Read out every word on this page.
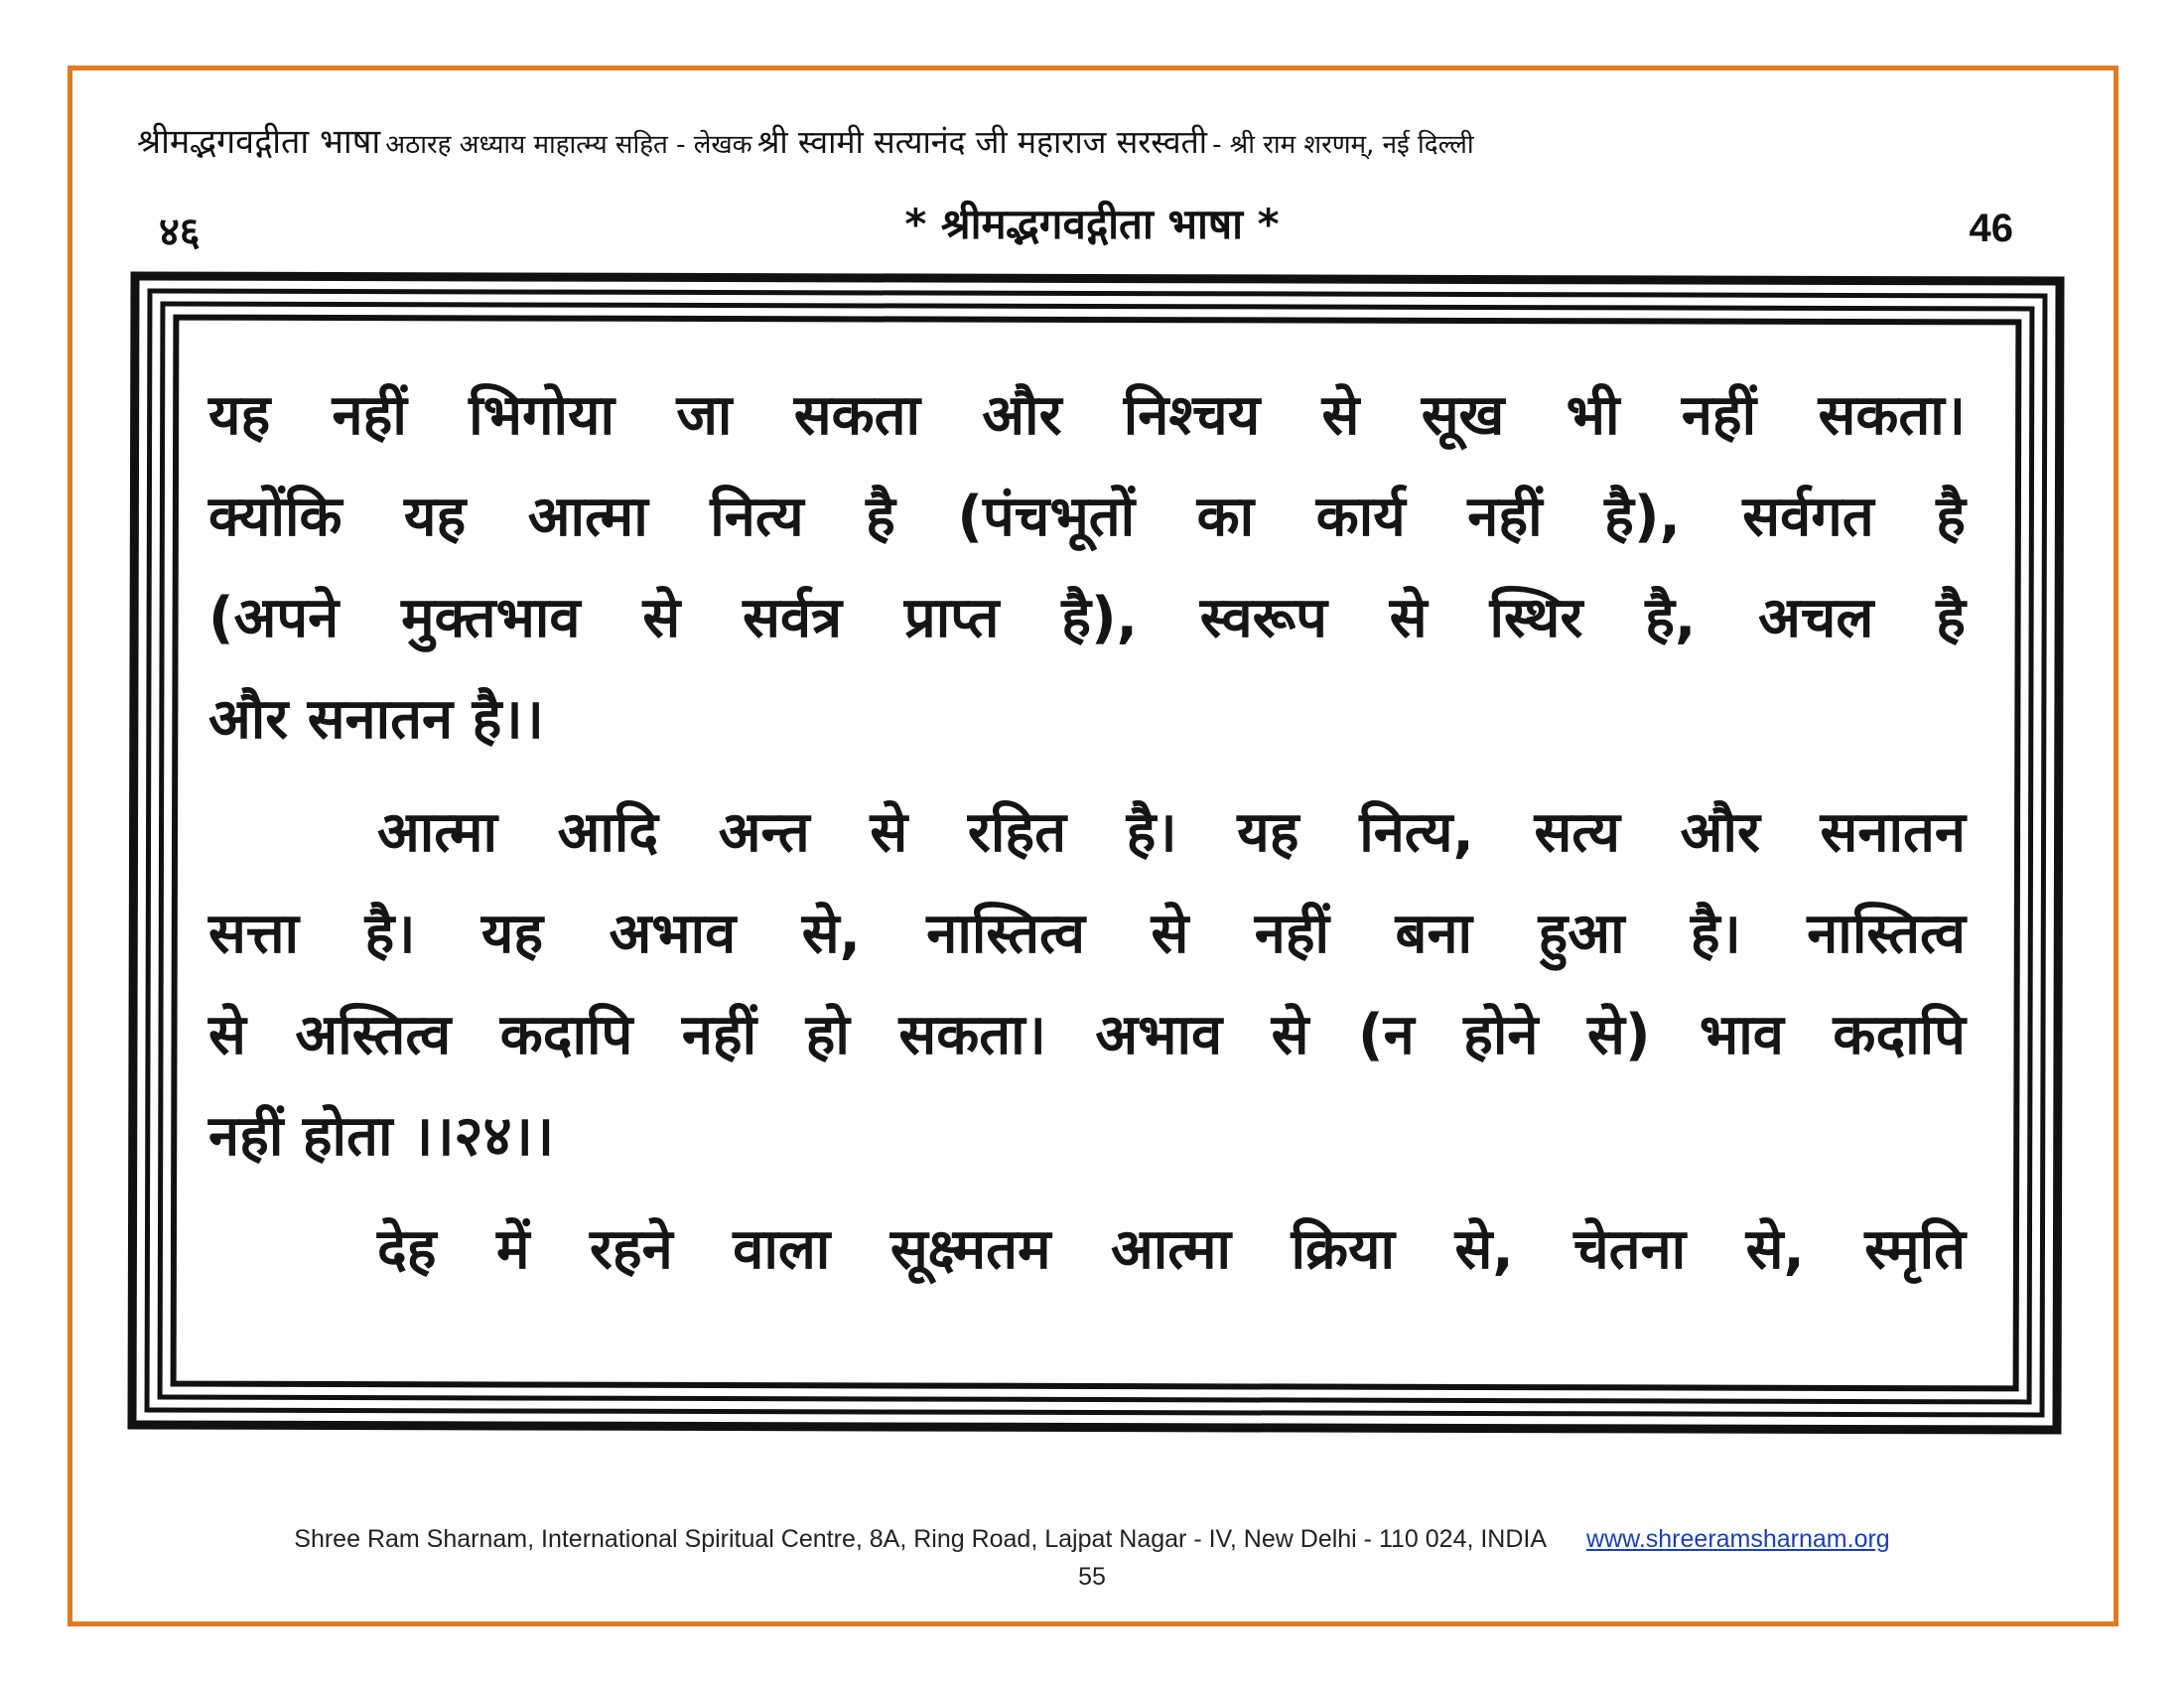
श्रीमद्भगवद्गीता भाषा अठारह अध्याय माहात्म्य सहित - लेखक श्री स्वामी सत्यानंद जी महाराज सरस्वती - श्री राम शरणम्, नई दिल्ली
४६	* श्रीमद्भगवद्गीता भाषा *	46

यह नहीं भिगोया जा सकता और निश्चय से सूख भी नहीं सकता।

क्योंकि यह आत्मा नित्य है (पंचभूतों का कार्य नहीं है), सर्वगत है

(अपने मुक्तभाव से सर्वत्र प्राप्त है), स्वरूप से स्थिर है, अचल है

और सनातन है।।

आत्मा आदि अन्त से रहित है। यह नित्य, सत्य और सनातन

सत्ता है। यह अभाव से, नास्तित्व से नहीं बना हुआ है। नास्तित्व

से अस्तित्व कदापि नहीं हो सकता। अभाव से (न होने से) भाव कदापि

नहीं होता ।।२४।।

देह में रहने वाला सूक्ष्मतम आत्मा क्रिया से, चेतना से, स्मृति

Shree Ram Sharnam, International Spiritual Centre, 8A, Ring Road, Lajpat Nagar - IV, New Delhi - 110 024, INDIA www.shreeramsharnam.org
55
